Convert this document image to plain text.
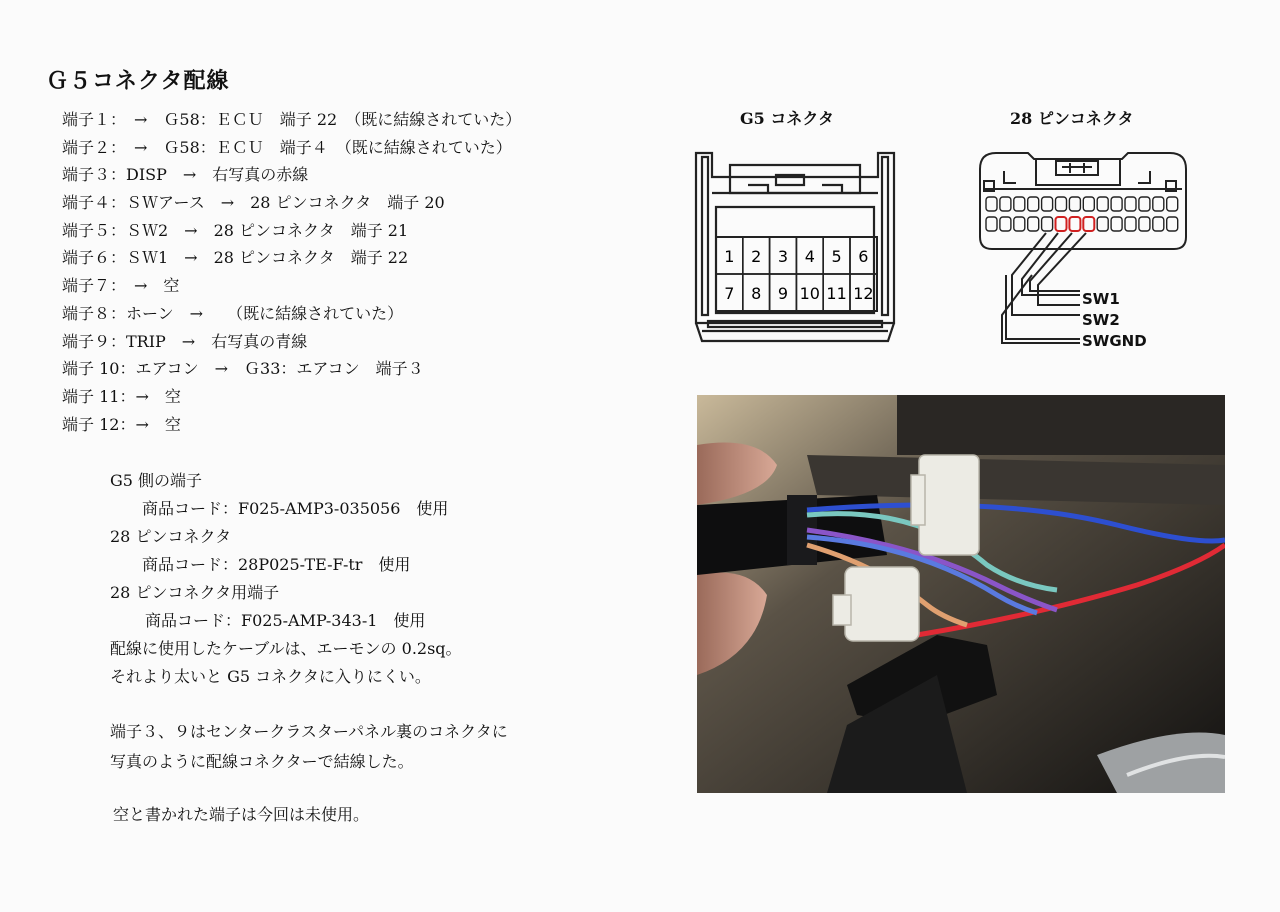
Ｇ５コネクタ配線
端子１：　→　Ｇ58：ＥＣＵ　端子 22　（既に結線されていた）
端子２：　→　Ｇ58：ＥＣＵ　端子４　（既に結線されていた）
端子３：DISP　→　右写真の赤線
端子４：ＳＷアース　→　28 ピンコネクタ　端子 20
端子５：ＳＷ2　→　28 ピンコネクタ　端子 21
端子６：ＳＷ1　→　28 ピンコネクタ　端子 22
端子７：　→　空
端子８：ホーン　→　　（既に結線されていた）
端子９：TRIP　→　右写真の青線
端子 10：エアコン　→　Ｇ33：エアコン　端子３
端子 11：→　空
端子 12：→　空
G5 側の端子
商品コード：F025-AMP3-035056　使用
28 ピンコネクタ
商品コード：28P025-TE-F-tr　使用
28 ピンコネクタ用端子
商品コード：F025-AMP-343-1　使用
配線に使用したケーブルは、エーモンの 0.2sq。
それより太いと G5 コネクタに入りにくい。
端子３、９はセンタークラスターパネル裏のコネクタに
写真のように配線コネクターで結線した。
空と書かれた端子は今回は未使用。
G5 コネクタ
1 2 3 4 5 6
7 8 9 10 11 12
28 ピンコネクタ
SW1
SW2
SWGND
